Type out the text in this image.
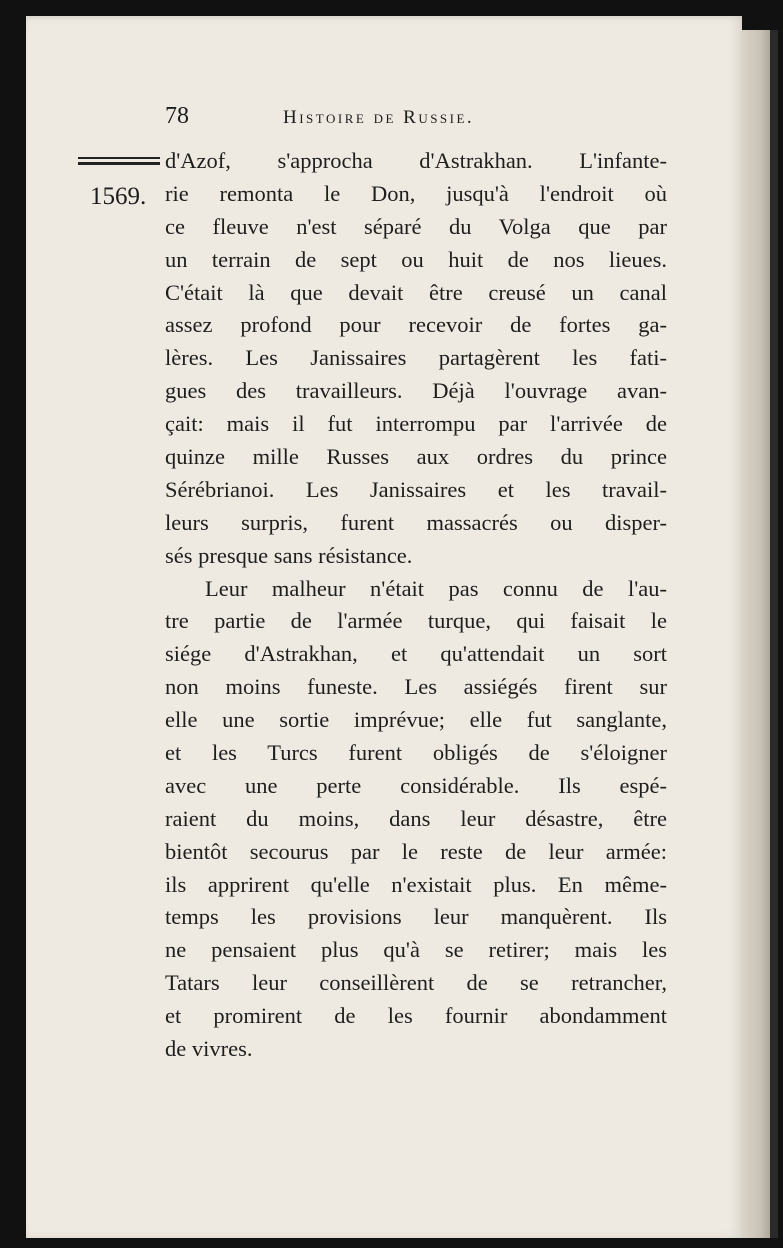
78	Histoire de Russie.
1569.
d'Azof, s'approcha d'Astrakhan. L'infante-
rie remonta le Don, jusqu'à l'endroit où
ce fleuve n'est séparé du Volga que par
un terrain de sept ou huit de nos lieues.
C'était là que devait être creusé un canal
assez profond pour recevoir de fortes ga-
lères. Les Janissaires partagèrent les fati-
gues des travailleurs. Déjà l'ouvrage avan-
çait: mais il fut interrompu par l'arrivée de
quinze mille Russes aux ordres du prince
Sérébrianoi. Les Janissaires et les travail-
leurs surpris, furent massacrés ou disper-
sés presque sans résistance.
Leur malheur n'était pas connu de l'au-
tre partie de l'armée turque, qui faisait le
siége d'Astrakhan, et qu'attendait un sort
non moins funeste. Les assiégés firent sur
elle une sortie imprévue; elle fut sanglante,
et les Turcs furent obligés de s'éloigner
avec une perte considérable. Ils espé-
raient du moins, dans leur désastre, être
bientôt secourus par le reste de leur armée:
ils apprirent qu'elle n'existait plus. En même-
temps les provisions leur manquèrent. Ils
ne pensaient plus qu'à se retirer; mais les
Tatars leur conseillèrent de se retrancher,
et promirent de les fournir abondamment
de vivres.
